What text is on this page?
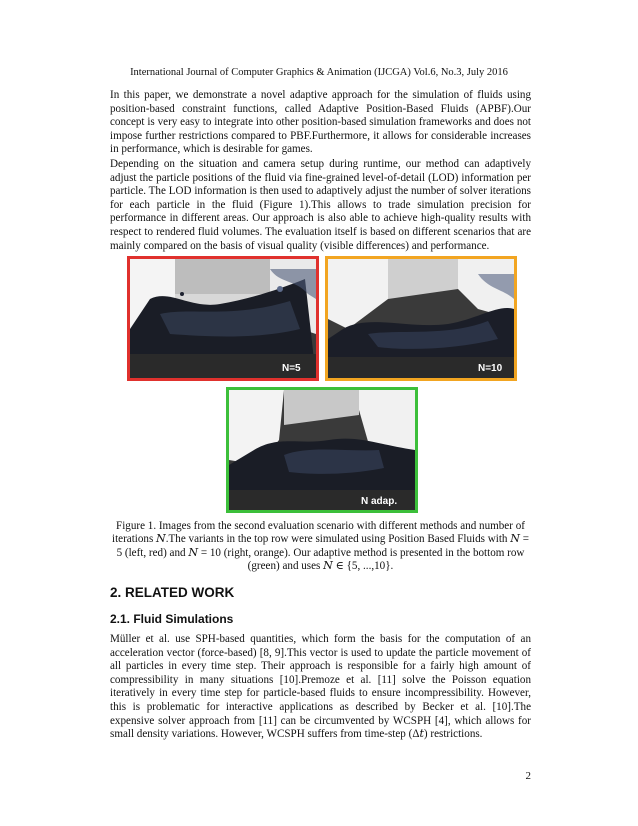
International Journal of Computer Graphics & Animation (IJCGA) Vol.6, No.3, July 2016

In this paper, we demonstrate a novel adaptive approach for the simulation of fluids using position-based constraint functions, called Adaptive Position-Based Fluids (APBF).Our concept is very easy to integrate into other position-based simulation frameworks and does not impose further restrictions compared to PBF.Furthermore, it allows for considerable increases in performance, which is desirable for games.

Depending on the situation and camera setup during runtime, our method can adaptively adjust the particle positions of the fluid via fine-grained level-of-detail (LOD) information per particle. The LOD information is then used to adaptively adjust the number of solver iterations for each particle in the fluid (Figure 1).This allows to trade simulation precision for performance in different areas. Our approach is also able to achieve high-quality results with respect to rendered fluid volumes. The evaluation itself is based on different scenarios that are mainly compared on the basis of visual quality (visible differences) and performance.

N=5	N=10
N adap.
Figure 1. Images from the second evaluation scenario with different methods and number of iterations 𝑁.The variants in the top row were simulated using Position Based Fluids with 𝑁 = 5 (left, red) and 𝑁 = 10 (right, orange). Our adaptive method is presented in the bottom row (green) and uses 𝑁 ∈ {5, ...,10}.
2. RELATED WORK
2.1. Fluid Simulations

Müller et al. use SPH-based quantities, which form the basis for the computation of an acceleration vector (force-based) [8, 9].This vector is used to update the particle movement of all particles in every time step. Their approach is responsible for a fairly high amount of compressibility in many situations [10].Premoze et al. [11] solve the Poisson equation iteratively in every time step for particle-based fluids to ensure incompressibility. However, this is problematic for interactive applications as described by Becker et al. [10].The expensive solver approach from [11] can be circumvented by WCSPH [4], which allows for small density variations. However, WCSPH suffers from time-step (Δ𝑡) restrictions.

2
